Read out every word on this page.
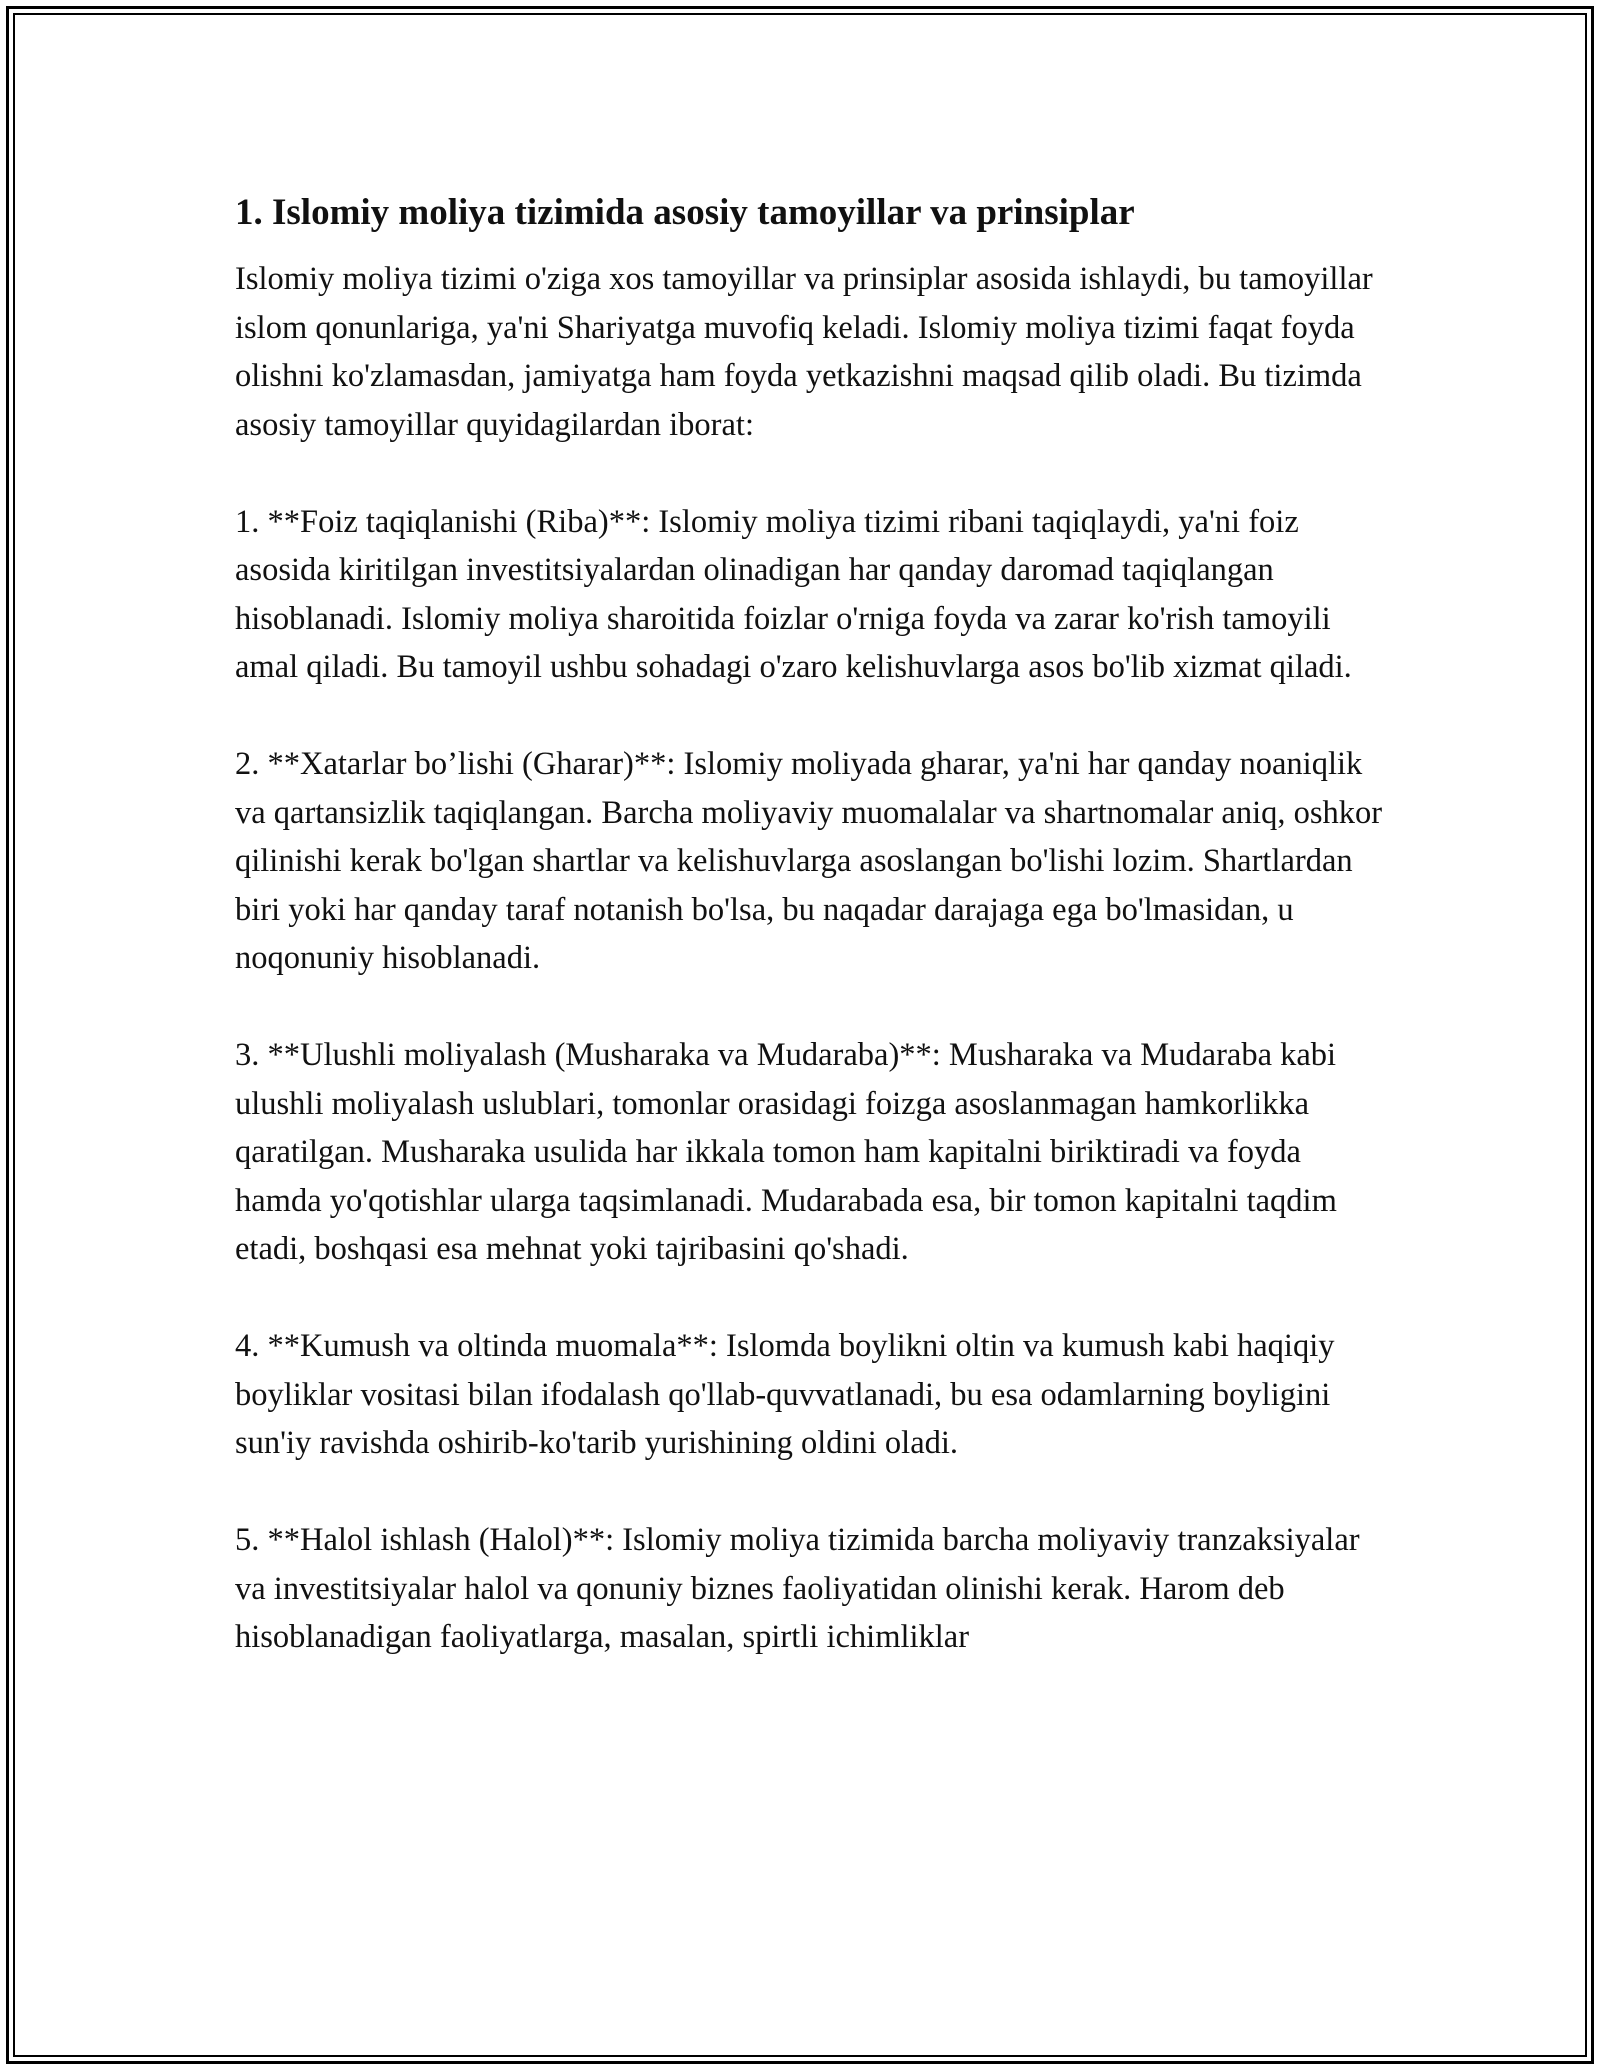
1. Islomiy moliya tizimida asosiy tamoyillar va prinsiplar

Islomiy moliya tizimi o'ziga xos tamoyillar va prinsiplar asosida ishlaydi, bu tamoyillar islom qonunlariga, ya'ni Shariyatga muvofiq keladi. Islomiy moliya tizimi faqat foyda olishni ko'zlamasdan, jamiyatga ham foyda yetkazishni maqsad qilib oladi. Bu tizimda asosiy tamoyillar quyidagilardan iborat:

1. **Foiz taqiqlanishi (Riba)**: Islomiy moliya tizimi ribani taqiqlaydi, ya'ni foiz asosida kiritilgan investitsiyalardan olinadigan har qanday daromad taqiqlangan hisoblanadi. Islomiy moliya sharoitida foizlar o'rniga foyda va zarar ko'rish tamoyili amal qiladi. Bu tamoyil ushbu sohadagi o'zaro kelishuvlarga asos bo'lib xizmat qiladi.

2. **Xatarlar bo’lishi (Gharar)**: Islomiy moliyada gharar, ya'ni har qanday noaniqlik va qartansizlik taqiqlangan. Barcha moliyaviy muomalalar va shartnomalar aniq, oshkor qilinishi kerak bo'lgan shartlar va kelishuvlarga asoslangan bo'lishi lozim. Shartlardan biri yoki har qanday taraf notanish bo'lsa, bu naqadar darajaga ega bo'lmasidan, u noqonuniy hisoblanadi.

3. **Ulushli moliyalash (Musharaka va Mudaraba)**: Musharaka va Mudaraba kabi ulushli moliyalash uslublari, tomonlar orasidagi foizga asoslanmagan hamkorlikka qaratilgan. Musharaka usulida har ikkala tomon ham kapitalni biriktiradi va foyda hamda yo'qotishlar ularga taqsimlanadi. Mudarabada esa, bir tomon kapitalni taqdim etadi, boshqasi esa mehnat yoki tajribasini qo'shadi.

4. **Kumush va oltinda muomala**: Islomda boylikni oltin va kumush kabi haqiqiy boyliklar vositasi bilan ifodalash qo'llab-quvvatlanadi, bu esa odamlarning boyligini sun'iy ravishda oshirib-ko'tarib yurishining oldini oladi.

5. **Halol ishlash (Halol)**: Islomiy moliya tizimida barcha moliyaviy tranzaksiyalar va investitsiyalar halol va qonuniy biznes faoliyatidan olinishi kerak. Harom deb hisoblanadigan faoliyatlarga, masalan, spirtli ichimliklar
